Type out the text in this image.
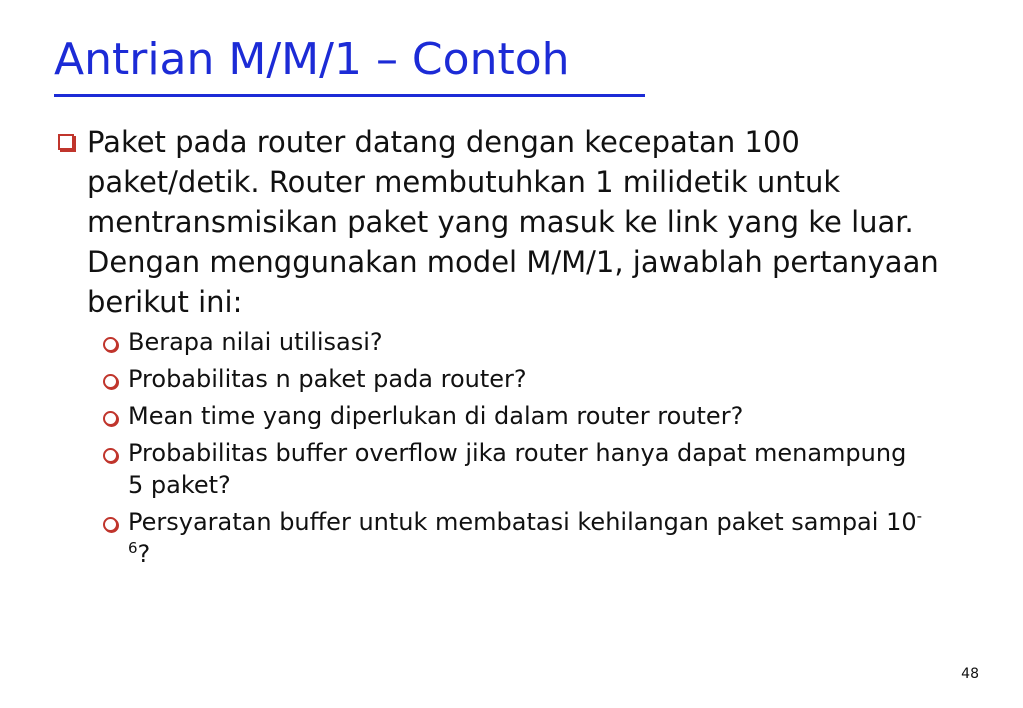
Antrian M/M/1 – Contoh
Paket pada router datang dengan kecepatan 100 paket/detik. Router membutuhkan 1 milidetik untuk mentransmisikan paket yang masuk ke link yang ke luar. Dengan menggunakan model M/M/1, jawablah pertanyaan berikut ini:
Berapa nilai utilisasi?
Probabilitas n paket pada router?
Mean time yang diperlukan di dalam router router?
Probabilitas buffer overflow jika router hanya dapat menampung 5 paket?
Persyaratan buffer untuk membatasi kehilangan paket sampai $10^{-6}$?
48
